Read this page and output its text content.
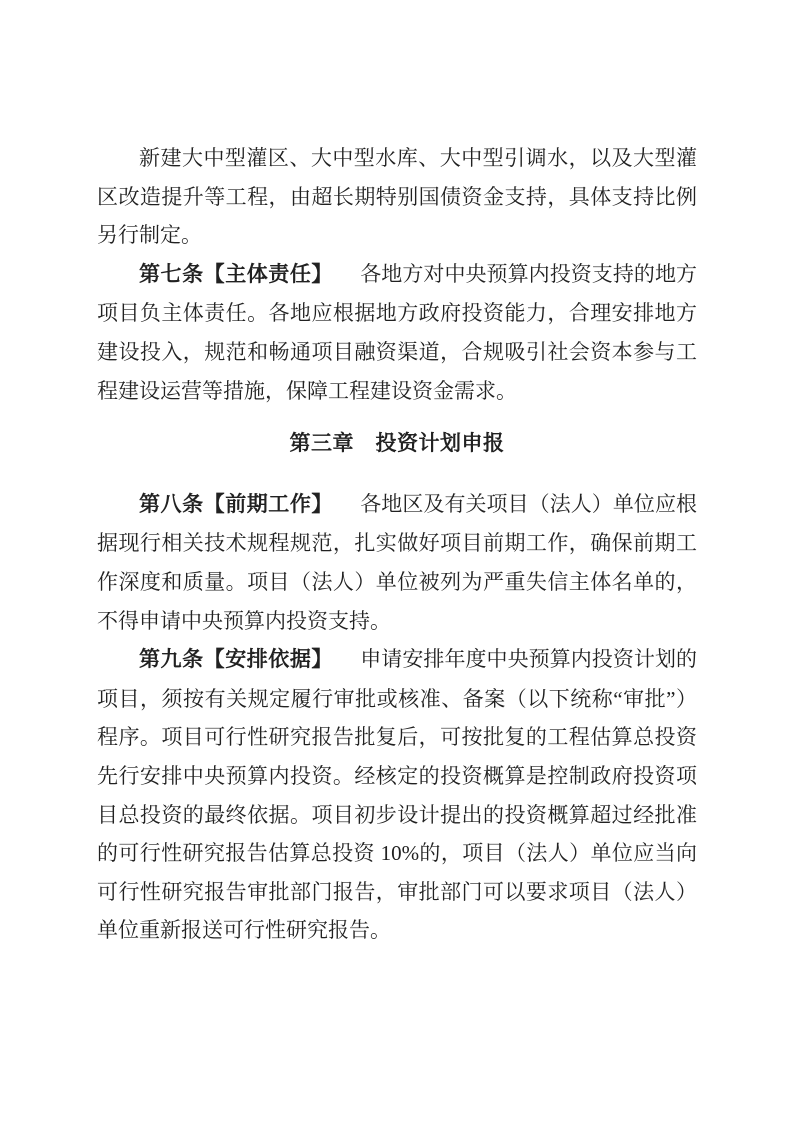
新建大中型灌区、大中型水库、大中型引调水，以及大型灌区改造提升等工程，由超长期特别国债资金支持，具体支持比例另行制定。

第七条【主体责任】 各地方对中央预算内投资支持的地方项目负主体责任。各地应根据地方政府投资能力，合理安排地方建设投入，规范和畅通项目融资渠道，合规吸引社会资本参与工程建设运营等措施，保障工程建设资金需求。

第三章　投资计划申报

第八条【前期工作】 各地区及有关项目（法人）单位应根据现行相关技术规程规范，扎实做好项目前期工作，确保前期工作深度和质量。项目（法人）单位被列为严重失信主体名单的，不得申请中央预算内投资支持。

第九条【安排依据】 申请安排年度中央预算内投资计划的项目，须按有关规定履行审批或核准、备案（以下统称“审批”）程序。项目可行性研究报告批复后，可按批复的工程估算总投资先行安排中央预算内投资。经核定的投资概算是控制政府投资项目总投资的最终依据。项目初步设计提出的投资概算超过经批准的可行性研究报告估算总投资 10%的，项目（法人）单位应当向可行性研究报告审批部门报告，审批部门可以要求项目（法人）单位重新报送可行性研究报告。
